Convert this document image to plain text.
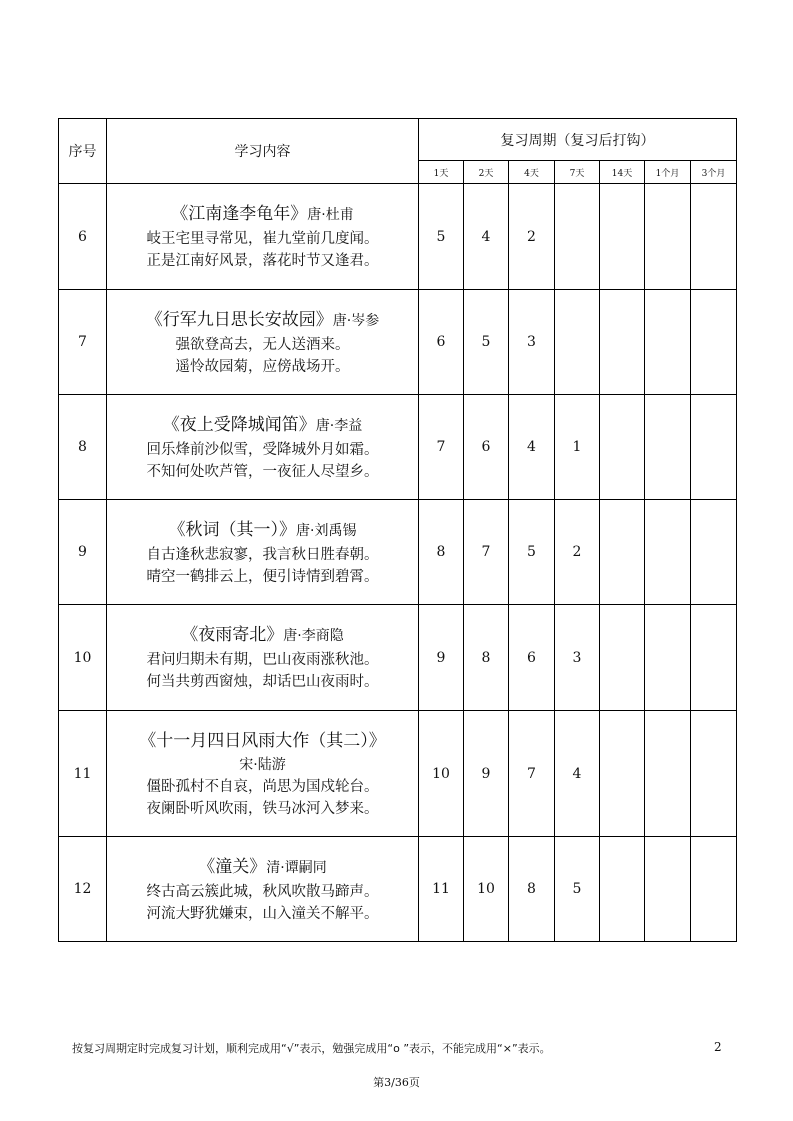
序号	学习内容	复习周期（复习后打钩）						
		1天	2天	4天	7天	14天	1个月	3个月
6	《江南逢李龟年》唐·杜甫
岐王宅里寻常见，崔九堂前几度闻。
正是江南好风景，落花时节又逢君。	5	4	2				
7	《行军九日思长安故园》唐·岑参
强欲登高去，无人送酒来。
遥怜故园菊，应傍战场开。	6	5	3				
8	《夜上受降城闻笛》唐·李益
回乐烽前沙似雪，受降城外月如霜。
不知何处吹芦管，一夜征人尽望乡。	7	6	4	1			
9	《秋词（其一）》唐·刘禹锡
自古逢秋悲寂寥，我言秋日胜春朝。
晴空一鹤排云上，便引诗情到碧霄。	8	7	5	2			
10	《夜雨寄北》唐·李商隐
君问归期未有期，巴山夜雨涨秋池。
何当共剪西窗烛，却话巴山夜雨时。	9	8	6	3			
11	《十一月四日风雨大作（其二）》
宋·陆游
僵卧孤村不自哀，尚思为国戍轮台。
夜阑卧听风吹雨，铁马冰河入梦来。	10	9	7	4			
12	《潼关》清·谭嗣同
终古高云簇此城，秋风吹散马蹄声。
河流大野犹嫌束，山入潼关不解平。	11	10	8	5			
按复习周期定时完成复习计划，顺利完成用“√”表示，勉强完成用“ο ”表示，不能完成用“×”表示。	2
第3/36页
